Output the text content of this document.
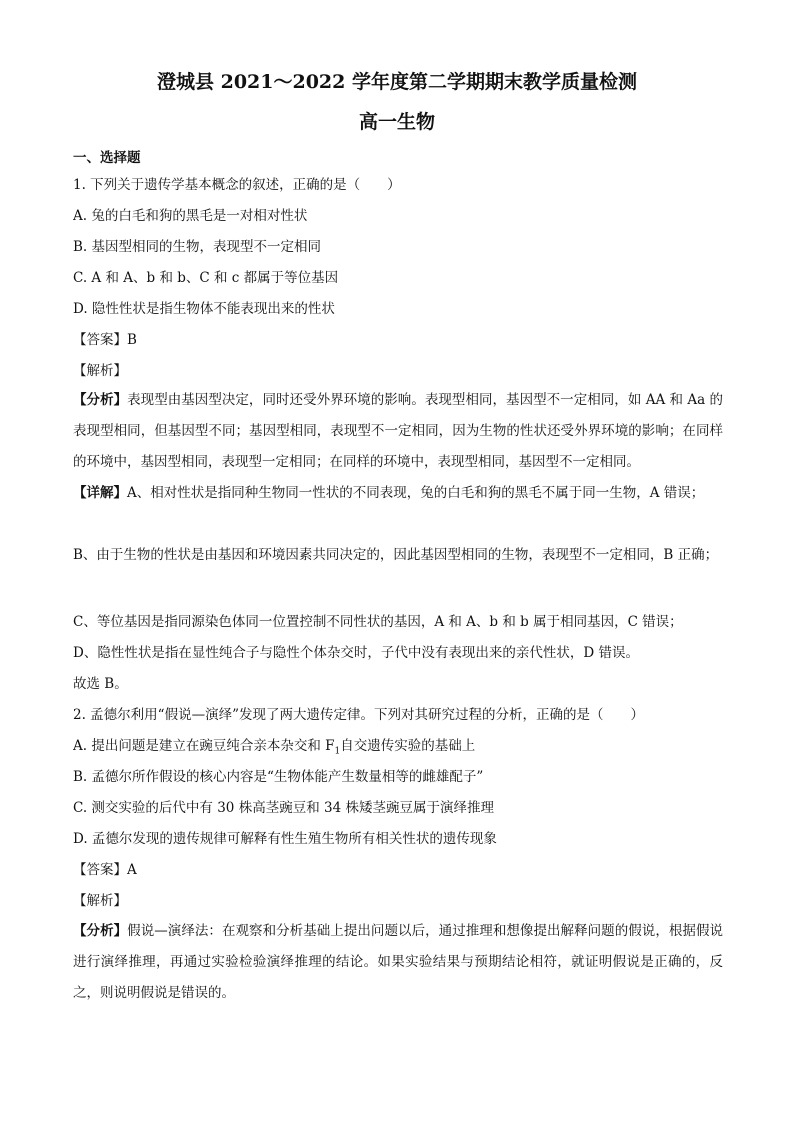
澄城县 2021～2022 学年度第二学期期末教学质量检测
高一生物
一、选择题
1. 下列关于遗传学基本概念的叙述，正确的是（　　）
A. 兔的白毛和狗的黑毛是一对相对性状
B. 基因型相同的生物，表现型不一定相同
C. A 和 A、b 和 b、C 和 c 都属于等位基因
D. 隐性性状是指生物体不能表现出来的性状
【答案】B
【解析】
【分析】表现型由基因型决定，同时还受外界环境的影响。表现型相同，基因型不一定相同，如 AA 和 Aa 的表现型相同，但基因型不同；基因型相同，表现型不一定相同，因为生物的性状还受外界环境的影响；在同样的环境中，基因型相同，表现型一定相同；在同样的环境中，表现型相同，基因型不一定相同。
【详解】A、相对性状是指同种生物同一性状的不同表现，兔的白毛和狗的黑毛不属于同一生物，A 错误；
B、由于生物的性状是由基因和环境因素共同决定的，因此基因型相同的生物，表现型不一定相同，B 正确；
C、等位基因是指同源染色体同一位置控制不同性状的基因，A 和 A、b 和 b 属于相同基因，C 错误；
D、隐性性状是指在显性纯合子与隐性个体杂交时，子代中没有表现出来的亲代性状，D 错误。
故选 B。
2. 孟德尔利用“假说—演绎”发现了两大遗传定律。下列对其研究过程的分析，正确的是（　　）
A. 提出问题是建立在豌豆纯合亲本杂交和 $F_1$自交遗传实验的基础上
B. 孟德尔所作假设的核心内容是“生物体能产生数量相等的雌雄配子”
C. 测交实验的后代中有 30 株高茎豌豆和 34 株矮茎豌豆属于演绎推理
D. 孟德尔发现的遗传规律可解释有性生殖生物所有相关性状的遗传现象
【答案】A
【解析】
【分析】假说—演绎法：在观察和分析基础上提出问题以后，通过推理和想像提出解释问题的假说，根据假说进行演绎推理，再通过实验检验演绎推理的结论。如果实验结果与预期结论相符，就证明假说是正确的，反之，则说明假说是错误的。
